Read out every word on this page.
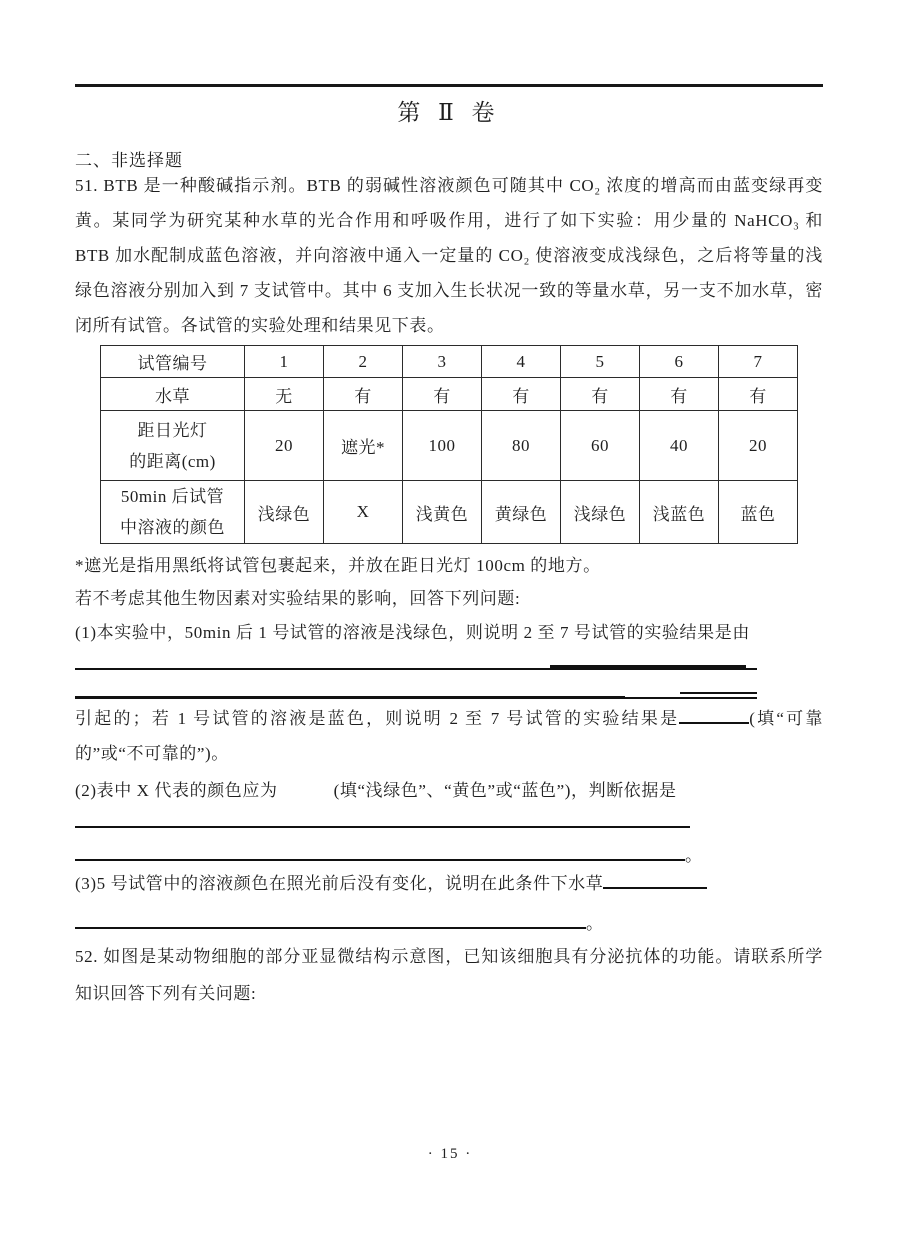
第 Ⅱ 卷
二、非选择题
51. BTB 是一种酸碱指示剂。BTB 的弱碱性溶液颜色可随其中 CO₂ 浓度的增高而由蓝变绿再变黄。某同学为研究某种水草的光合作用和呼吸作用，进行了如下实验：用少量的 NaHCO₃ 和 BTB 加水配制成蓝色溶液，并向溶液中通入一定量的 CO₂ 使溶液变成浅绿色，之后将等量的浅绿色溶液分别加入到 7 支试管中。其中 6 支加入生长状况一致的等量水草，另一支不加水草，密闭所有试管。各试管的实验处理和结果见下表。
试管编号	1	2	3	4	5	6	7
水草	无	有	有	有	有	有	有

距日光灯
的距离(cm)	20	遮光*	100	80	60	40	20

50min 后试管
中溶液的颜色	浅绿色	X	浅黄色	黄绿色	浅绿色	浅蓝色	蓝色
*遮光是指用黑纸将试管包裹起来，并放在距日光灯 100cm 的地方。
若不考虑其他生物因素对实验结果的影响，回答下列问题:
(1)本实验中，50min 后 1 号试管的溶液是浅绿色，则说明 2 至 7 号试管的实验结果是由
引起的；若 1 号试管的溶液是蓝色，则说明 2 至 7 号试管的实验结果是	(填“可靠的”或“不可靠的”)。
(2)表中 X 代表的颜色应为	(填“浅绿色”、“黄色”或“蓝色”)，判断依据是
。
(3)5 号试管中的溶液颜色在照光前后没有变化，说明在此条件下水草
。
52. 如图是某动物细胞的部分亚显微结构示意图，已知该细胞具有分泌抗体的功能。请联系所学知识回答下列有关问题:
· 15 ·
